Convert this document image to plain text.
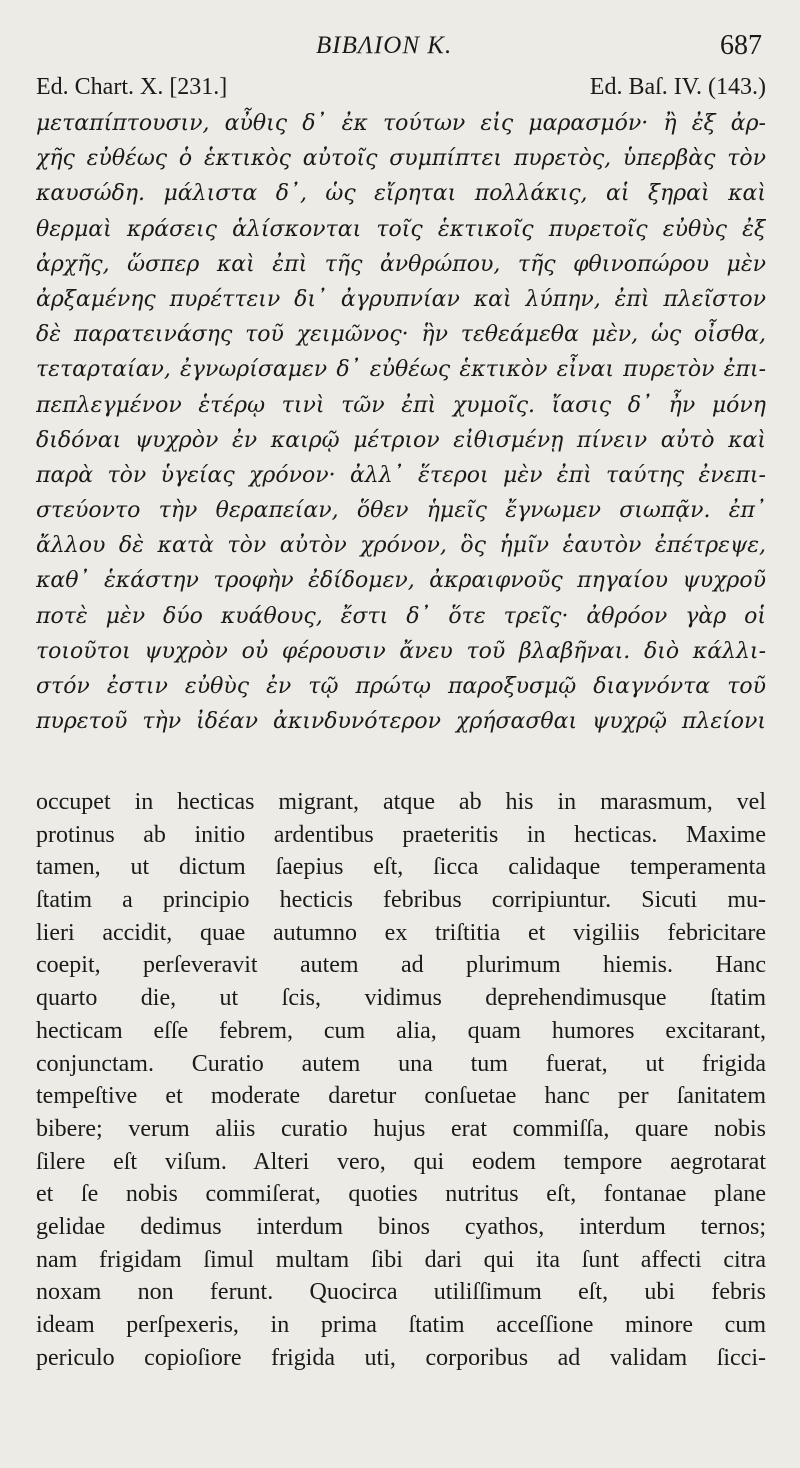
BIBΛΙΟΝ Κ.	687
Ed. Chart. X. [231.]	Ed. Baſ. IV. (143.)
μεταπίπτουσιν, αὖθις δ᾽ ἐκ τούτων εἰς μαρασμόν· ἢ ἐξ ἀρ-
χῆς εὐθέως ὁ ἑκτικὸς αὐτοῖς συμπίπτει πυρετὸς, ὑπερβὰς τὸν
καυσώδη. μάλιστα δ᾽, ὡς εἴρηται πολλάκις, αἱ ξηραὶ καὶ
θερμαὶ κράσεις ἁλίσκονται τοῖς ἑκτικοῖς πυρετοῖς εὐθὺς ἐξ
ἀρχῆς, ὥσπερ καὶ ἐπὶ τῆς ἀνθρώπου, τῆς φθινοπώρου μὲν
ἀρξαμένης πυρέττειν δι᾽ ἀγρυπνίαν καὶ λύπην, ἐπὶ πλεῖστον
δὲ παρατεινάσης τοῦ χειμῶνος· ἣν τεθεάμεθα μὲν, ὡς οἶσθα,
τεταρταίαν, ἐγνωρίσαμεν δ᾽ εὐθέως ἑκτικὸν εἶναι πυρετὸν ἐπι-
πεπλεγμένον ἑτέρῳ τινὶ τῶν ἐπὶ χυμοῖς. ἴασις δ᾽ ἦν μόνη
διδόναι ψυχρὸν ἐν καιρῷ μέτριον εἰθισμένῃ πίνειν αὐτὸ καὶ
παρὰ τὸν ὑγείας χρόνον· ἀλλ᾽ ἕτεροι μὲν ἐπὶ ταύτης ἐνεπι-
στεύοντο τὴν θεραπείαν, ὅθεν ἡμεῖς ἔγνωμεν σιωπᾷν. ἐπ᾽
ἄλλου δὲ κατὰ τὸν αὐτὸν χρόνον, ὃς ἡμῖν ἑαυτὸν ἐπέτρεψε,
καθ᾽ ἑκάστην τροφὴν ἐδίδομεν, ἀκραιφνοῦς πηγαίου ψυχροῦ
ποτὲ μὲν δύο κυάθους, ἔστι δ᾽ ὅτε τρεῖς· ἀθρόον γὰρ οἱ
τοιοῦτοι ψυχρὸν οὐ φέρουσιν ἄνευ τοῦ βλαβῆναι. διὸ κάλλι-
στόν ἐστιν εὐθὺς ἐν τῷ πρώτῳ παροξυσμῷ διαγνόντα τοῦ
πυρετοῦ τὴν ἰδέαν ἀκινδυνότερον χρήσασθαι ψυχρῷ πλείονι
occupet in hecticas migrant, atque ab his in marasmum, vel
protinus ab initio ardentibus praeteritis in hecticas. Maxime
tamen, ut dictum ſaepius eſt, ſicca calidaque temperamenta
ſtatim a principio hecticis febribus corripiuntur. Sicuti mu-
lieri accidit, quae autumno ex triſtitia et vigiliis febricitare
coepit, perſeveravit autem ad plurimum hiemis. Hanc
quarto die, ut ſcis, vidimus deprehendimusque ſtatim
hecticam eſſe febrem, cum alia, quam humores excitarant,
conjunctam. Curatio autem una tum fuerat, ut frigida
tempeſtive et moderate daretur conſuetae hanc per ſanitatem
bibere; verum aliis curatio hujus erat commiſſa, quare nobis
ſilere eſt viſum. Alteri vero, qui eodem tempore aegrotarat
et ſe nobis commiſerat, quoties nutritus eſt, fontanae plane
gelidae dedimus interdum binos cyathos, interdum ternos;
nam frigidam ſimul multam ſibi dari qui ita ſunt affecti citra
noxam non ferunt. Quocirca utiliſſimum eſt, ubi febris
ideam perſpexeris, in prima ſtatim acceſſione minore cum
periculo copioſiore frigida uti, corporibus ad validam ſicci-
